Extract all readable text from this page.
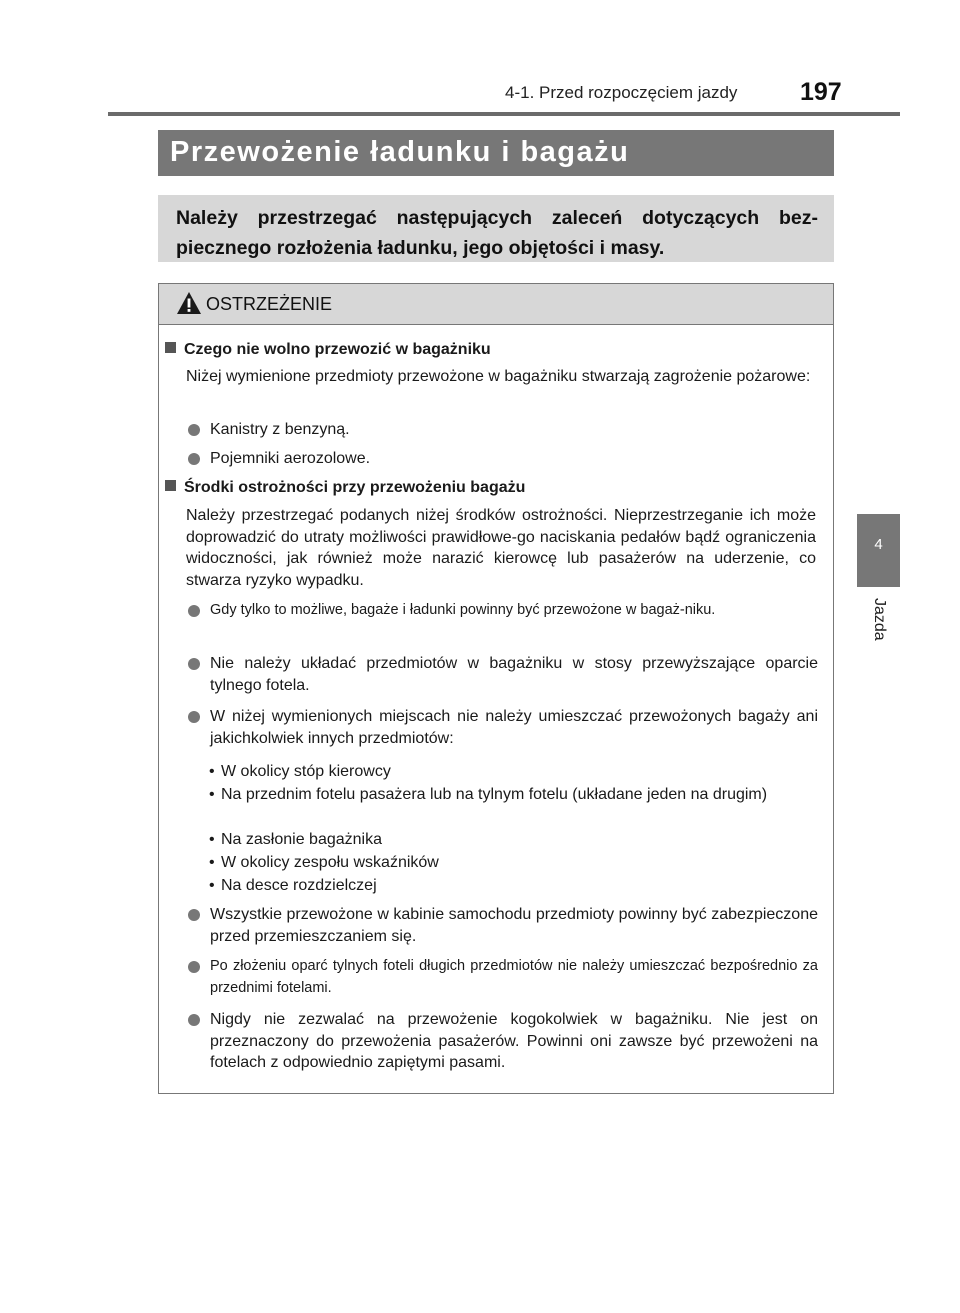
4-1. Przed rozpoczęciem jazdy	197
Przewożenie ładunku i bagażu
Należy przestrzegać następujących zaleceń dotyczących bez-piecznego rozłożenia ładunku, jego objętości i masy.
4
Jazda
OSTRZEŻENIE
Czego nie wolno przewozić w bagażniku
Niżej wymienione przedmioty przewożone w bagażniku stwarzają zagrożenie pożarowe:
Kanistry z benzyną.
Pojemniki aerozolowe.
Środki ostrożności przy przewożeniu bagażu
Należy przestrzegać podanych niżej środków ostrożności. Nieprzestrzeganie ich może doprowadzić do utraty możliwości prawidłowe-go naciskania pedałów bądź ograniczenia widoczności, jak również może narazić kierowcę lub pasażerów na uderzenie, co stwarza ryzyko wypadku.
Gdy tylko to możliwe, bagaże i ładunki powinny być przewożone w bagaż-niku.
Nie należy układać przedmiotów w bagażniku w stosy przewyższające oparcie tylnego fotela.
W niżej wymienionych miejscach nie należy umieszczać przewożonych bagaży ani jakichkolwiek innych przedmiotów:
• W okolicy stóp kierowcy
• Na przednim fotelu pasażera lub na tylnym fotelu (układane jeden na drugim)
• Na zasłonie bagażnika
• W okolicy zespołu wskaźników
• Na desce rozdzielczej
Wszystkie przewożone w kabinie samochodu przedmioty powinny być zabezpieczone przed przemieszczaniem się.
Po złożeniu oparć tylnych foteli długich przedmiotów nie należy umieszczać bezpośrednio za przednimi fotelami.
Nigdy nie zezwalać na przewożenie kogokolwiek w bagażniku. Nie jest on przeznaczony do przewożenia pasażerów. Powinni oni zawsze być przewożeni na fotelach z odpowiednio zapiętymi pasami.
